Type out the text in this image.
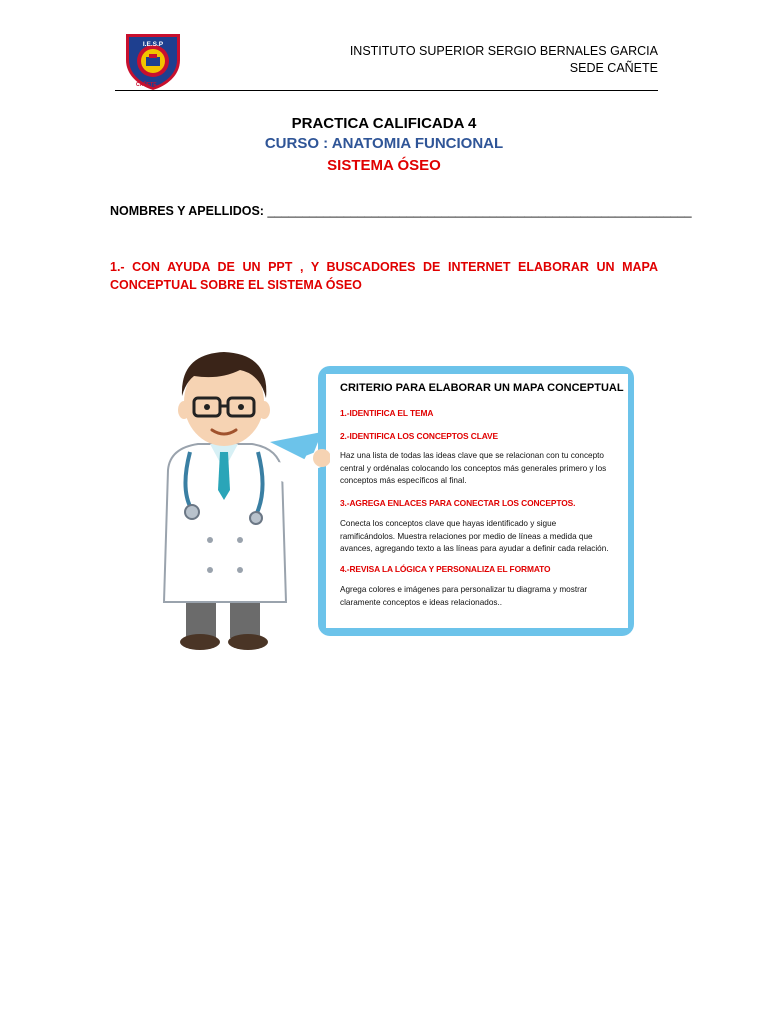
I.E.S.P
CAÑETE
INSTITUTO SUPERIOR SERGIO BERNALES GARCIA
SEDE CAÑETE
PRACTICA CALIFICADA 4
CURSO : ANATOMIA FUNCIONAL
SISTEMA ÓSEO
NOMBRES Y APELLIDOS: _____________________________________________________________
1.- CON AYUDA DE UN PPT , Y BUSCADORES DE INTERNET ELABORAR UN MAPA CONCEPTUAL SOBRE EL SISTEMA ÓSEO
CRITERIO PARA ELABORAR UN MAPA CONCEPTUAL
1.-IDENTIFICA EL TEMA
2.-IDENTIFICA LOS CONCEPTOS CLAVE
Haz una lista de todas las ideas clave que se relacionan con tu concepto
central y ordénalas colocando los conceptos más generales primero y los
conceptos más específicos al final.
3.-AGREGA ENLACES PARA CONECTAR LOS CONCEPTOS.
Conecta los conceptos clave que hayas identificado y sigue
ramificándolos. Muestra relaciones por medio de líneas a medida que
avances, agregando texto a las líneas para ayudar a definir cada relación.
4.-REVISA LA LÓGICA Y PERSONALIZA EL FORMATO
Agrega colores e imágenes para personalizar tu diagrama y mostrar
claramente conceptos e ideas relacionados..
